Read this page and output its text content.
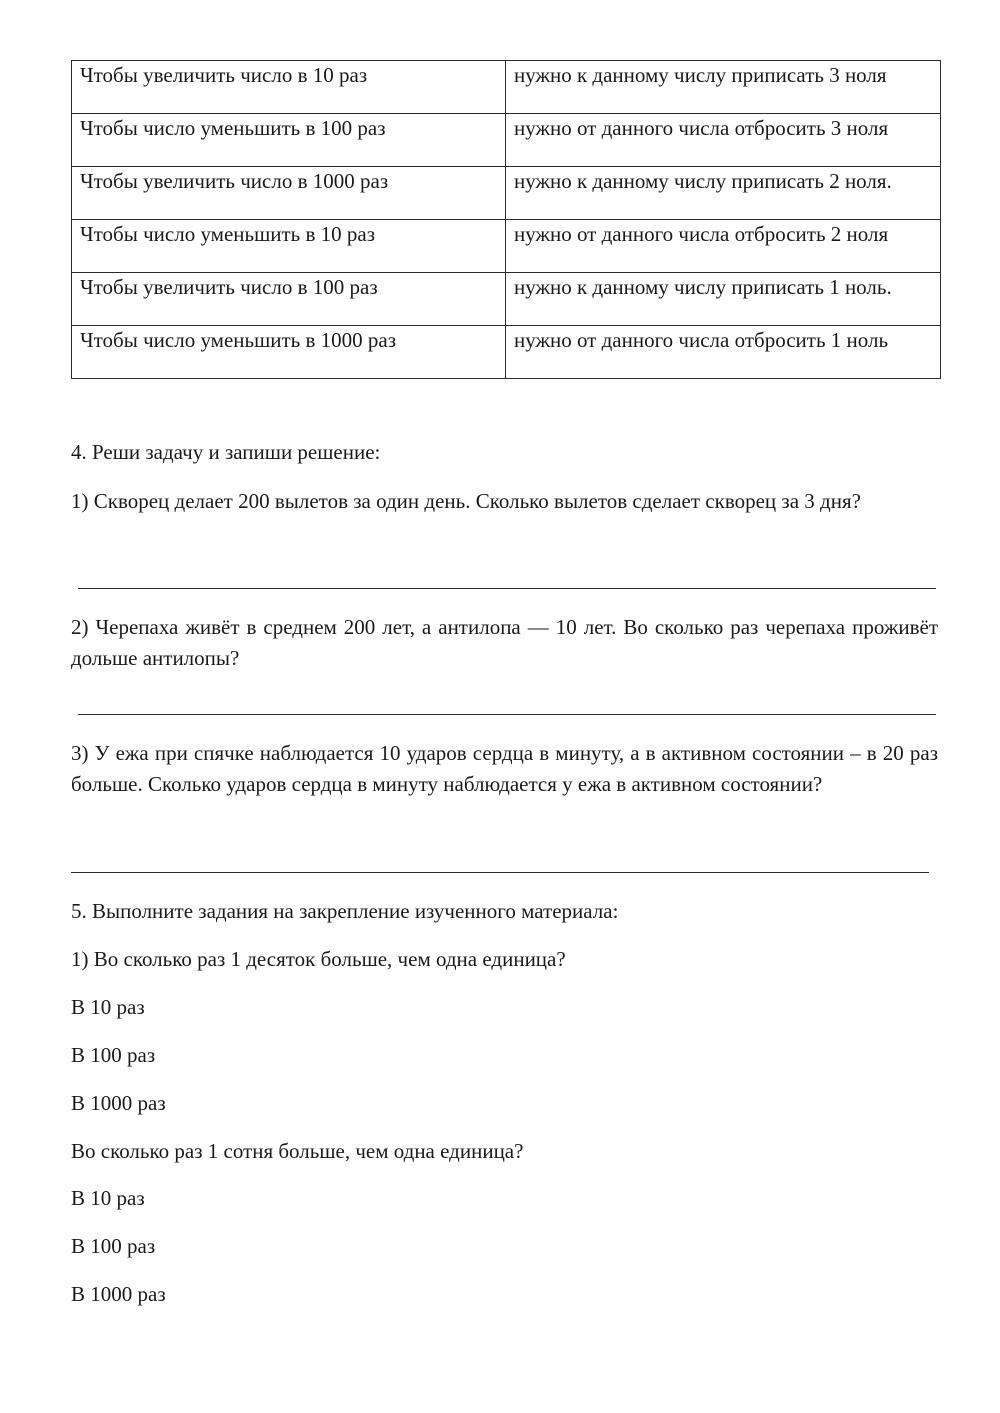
Чтобы увеличить число в 10 раз	нужно к данному числу приписать 3 ноля
Чтобы число уменьшить в 100 раз	нужно от данного числа отбросить 3 ноля
Чтобы увеличить число в 1000 раз	нужно к данному числу приписать 2 ноля.
Чтобы число уменьшить в 10 раз	нужно от данного числа отбросить 2 ноля
Чтобы увеличить число в 100 раз	нужно к данному числу приписать 1 ноль.
Чтобы число уменьшить в 1000 раз	нужно от данного числа отбросить 1 ноль

4. Реши задачу и запиши решение:

1) Скворец делает 200 вылетов за один день. Сколько вылетов сделает скворец за 3 дня?

2) Черепаха живёт в среднем 200 лет, а антилопа — 10 лет. Во сколько раз черепаха проживёт дольше антилопы?

3) У ежа при спячке наблюдается 10 ударов сердца в минуту, а в активном состоянии – в 20 раз больше. Сколько ударов сердца в минуту наблюдается у ежа в активном состоянии?

5. Выполните задания на закрепление изученного материала:

1) Во сколько раз 1 десяток больше, чем одна единица?

В 10 раз

В 100 раз

В 1000 раз

Во сколько раз 1 сотня больше, чем одна единица?

В 10 раз

В 100 раз

В 1000 раз
